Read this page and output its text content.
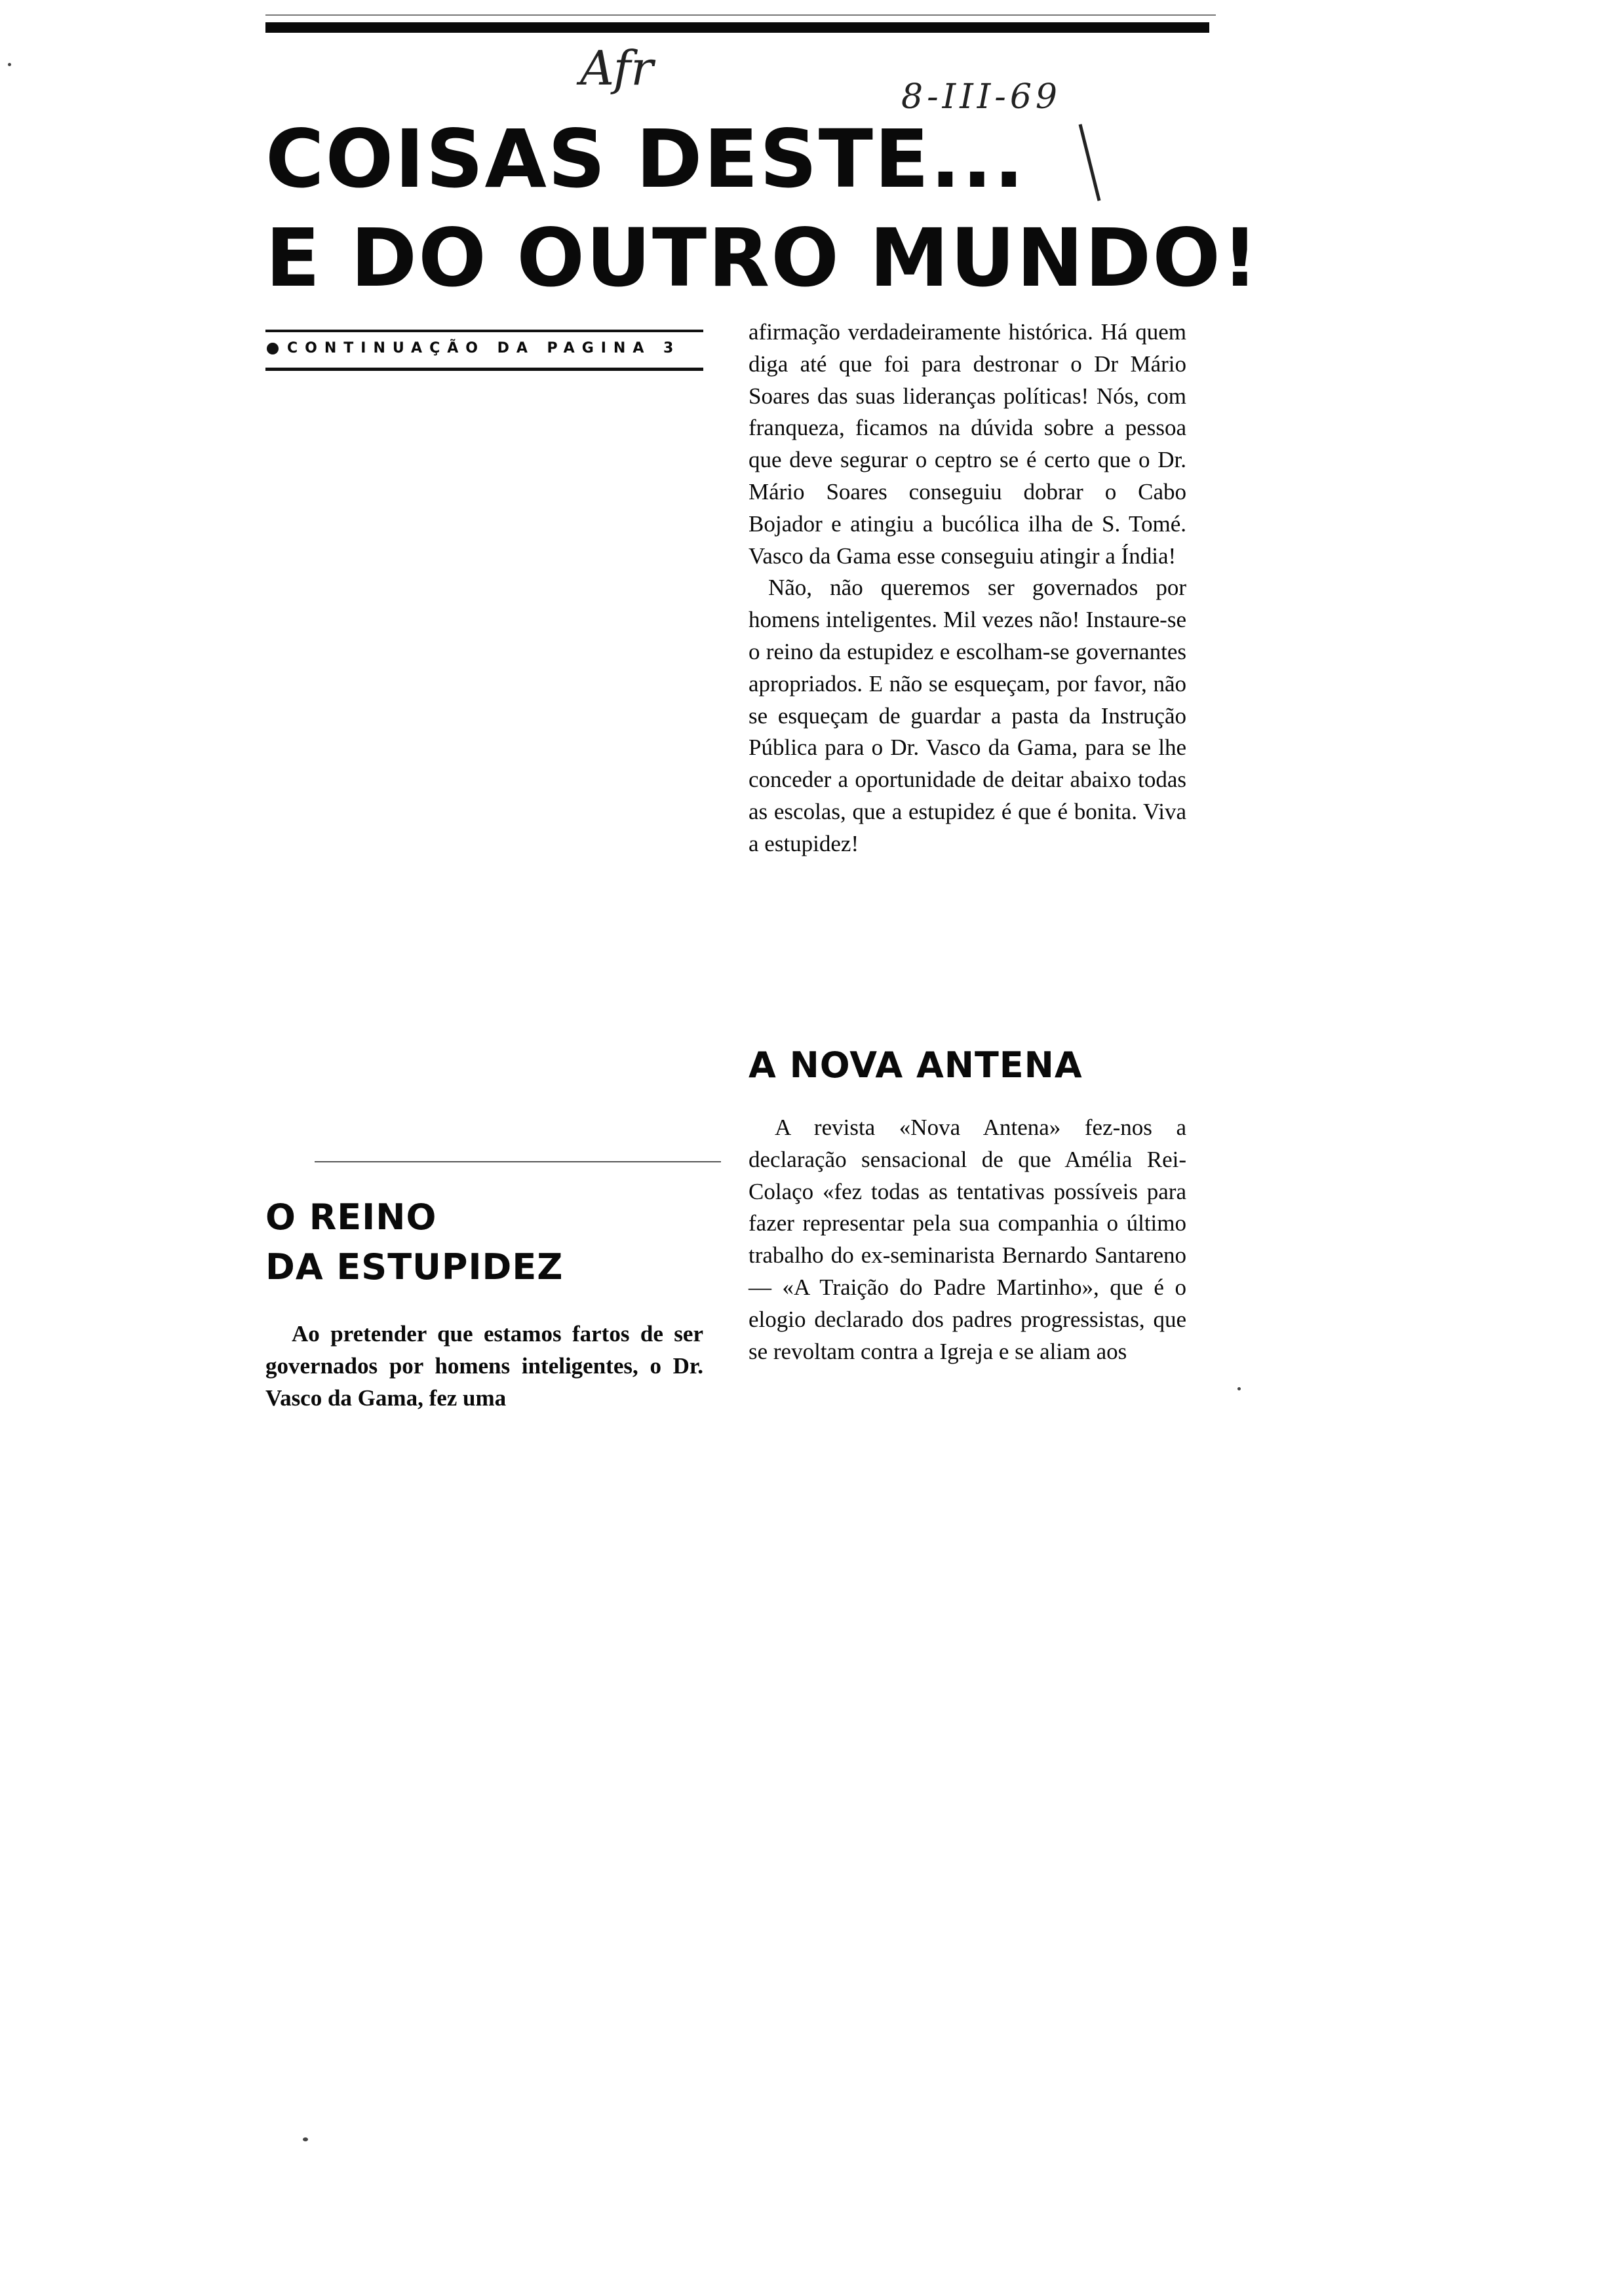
Afr
8-III-69
COISAS DESTE...
E DO OUTRO MUNDO!
CONTINUAÇÃO DA PAGINA 3

afirmação verdadeiramente histórica. Há quem diga até que foi para destronar o Dr Mário Soares das suas lideranças políticas! Nós, com franqueza, ficamos na dúvida sobre a pessoa que deve segurar o ceptro se é certo que o Dr. Mário Soares conseguiu dobrar o Cabo Bojador e atingiu a bucólica ilha de S. Tomé. Vasco da Gama esse conseguiu atingir a Índia!

Não, não queremos ser governados por homens inteligentes. Mil vezes não! Instaure-se o reino da estupidez e escolham-se governantes apropriados. E não se esqueçam, por favor, não se esqueçam de guardar a pasta da Instrução Pública para o Dr. Vasco da Gama, para se lhe conceder a oportunidade de deitar abaixo todas as escolas, que a estupidez é que é bonita. Viva a estupidez!

A NOVA ANTENA

A revista «Nova Antena» fez-nos a declaração sensacional de que Amélia Rei-Colaço «fez todas as tentativas possíveis para fazer representar pela sua companhia o último trabalho do ex-seminarista Bernardo Santareno — «A Traição do Padre Martinho», que é o elogio declarado dos padres progressistas, que se revoltam contra a Igreja e se aliam aos

O REINO
DA ESTUPIDEZ

Ao pretender que estamos fartos de ser governados por homens inteligentes, o Dr. Vasco da Gama, fez uma
